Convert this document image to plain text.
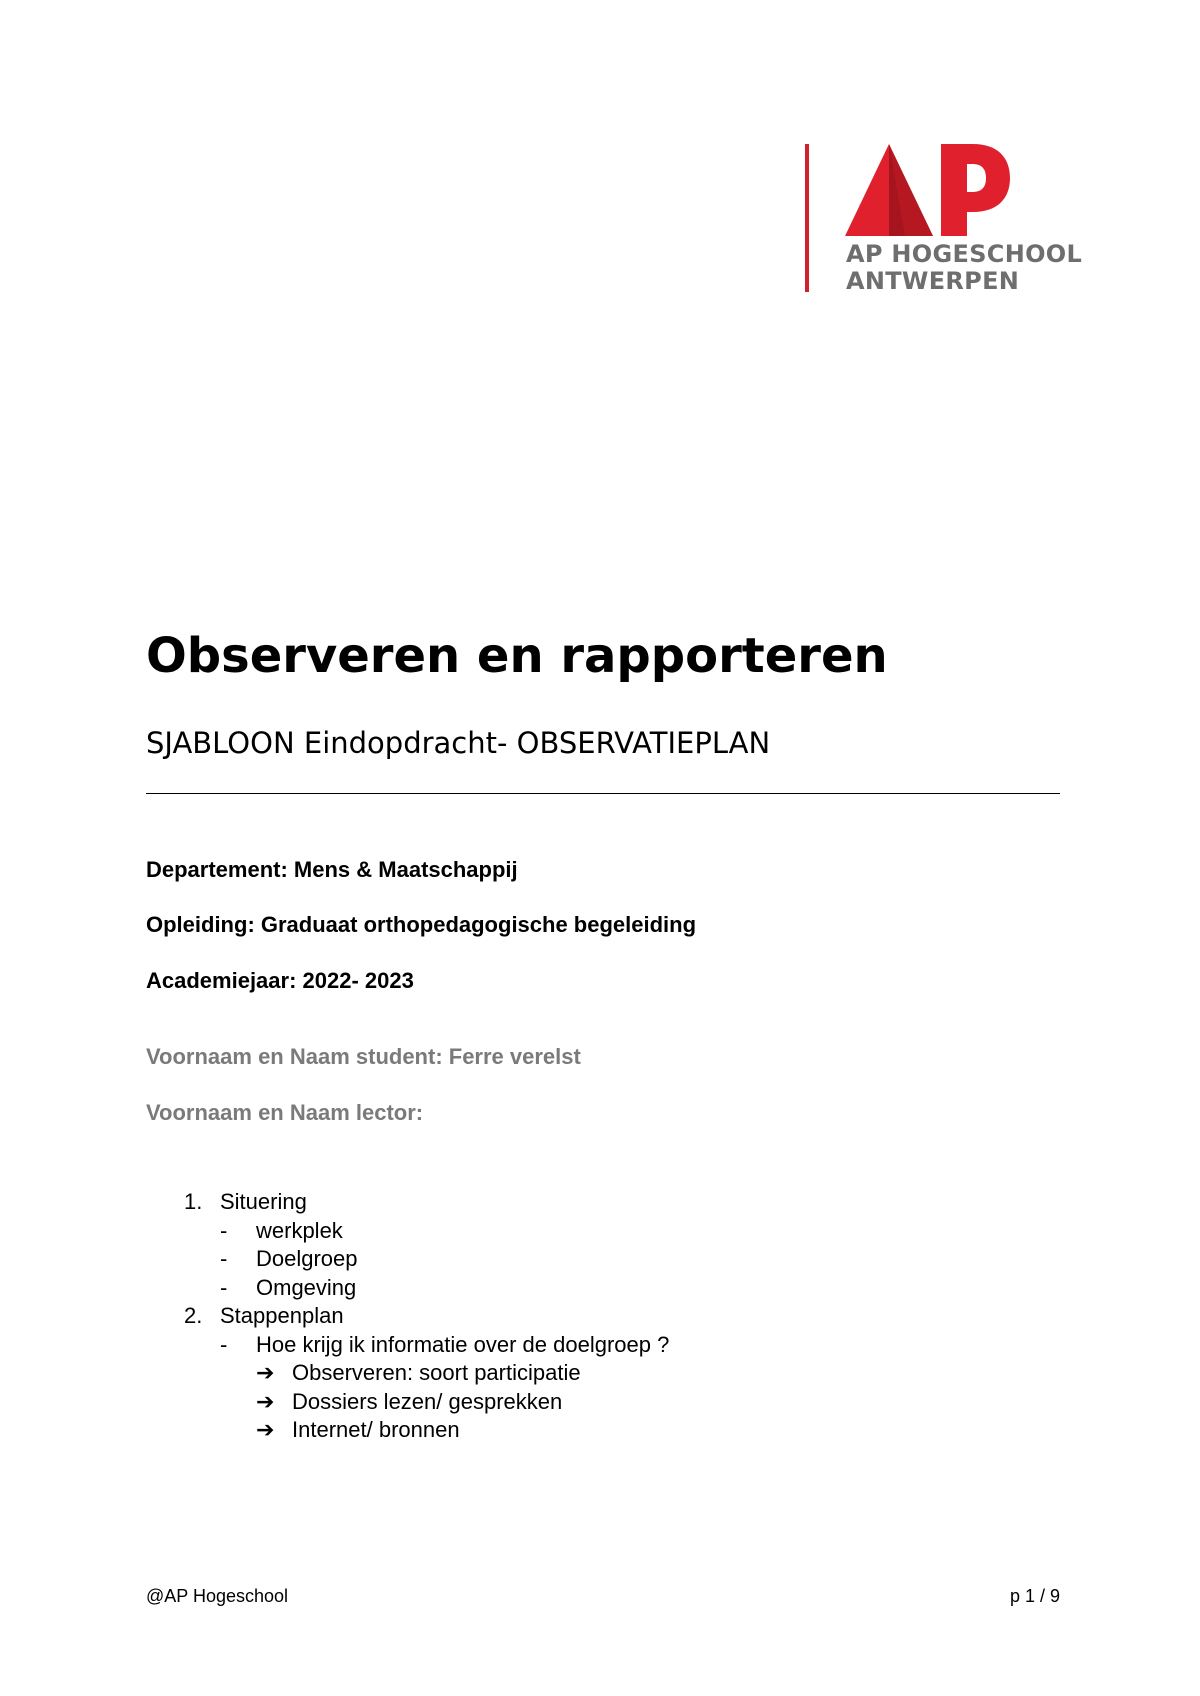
AP HOGESCHOOL
ANTWERPEN
Observeren en rapporteren
SJABLOON Eindopdracht- OBSERVATIEPLAN
Departement: Mens & Maatschappij
Opleiding: Graduaat orthopedagogische begeleiding
Academiejaar: 2022- 2023
Voornaam en Naam student: Ferre verelst
Voornaam en Naam lector:
1. Situering
- werkplek
- Doelgroep
- Omgeving
2. Stappenplan
- Hoe krijg ik informatie over de doelgroep ?
➔ Observeren: soort participatie
➔ Dossiers lezen/ gesprekken
➔ Internet/ bronnen
@AP Hogeschool	p 1 / 9
